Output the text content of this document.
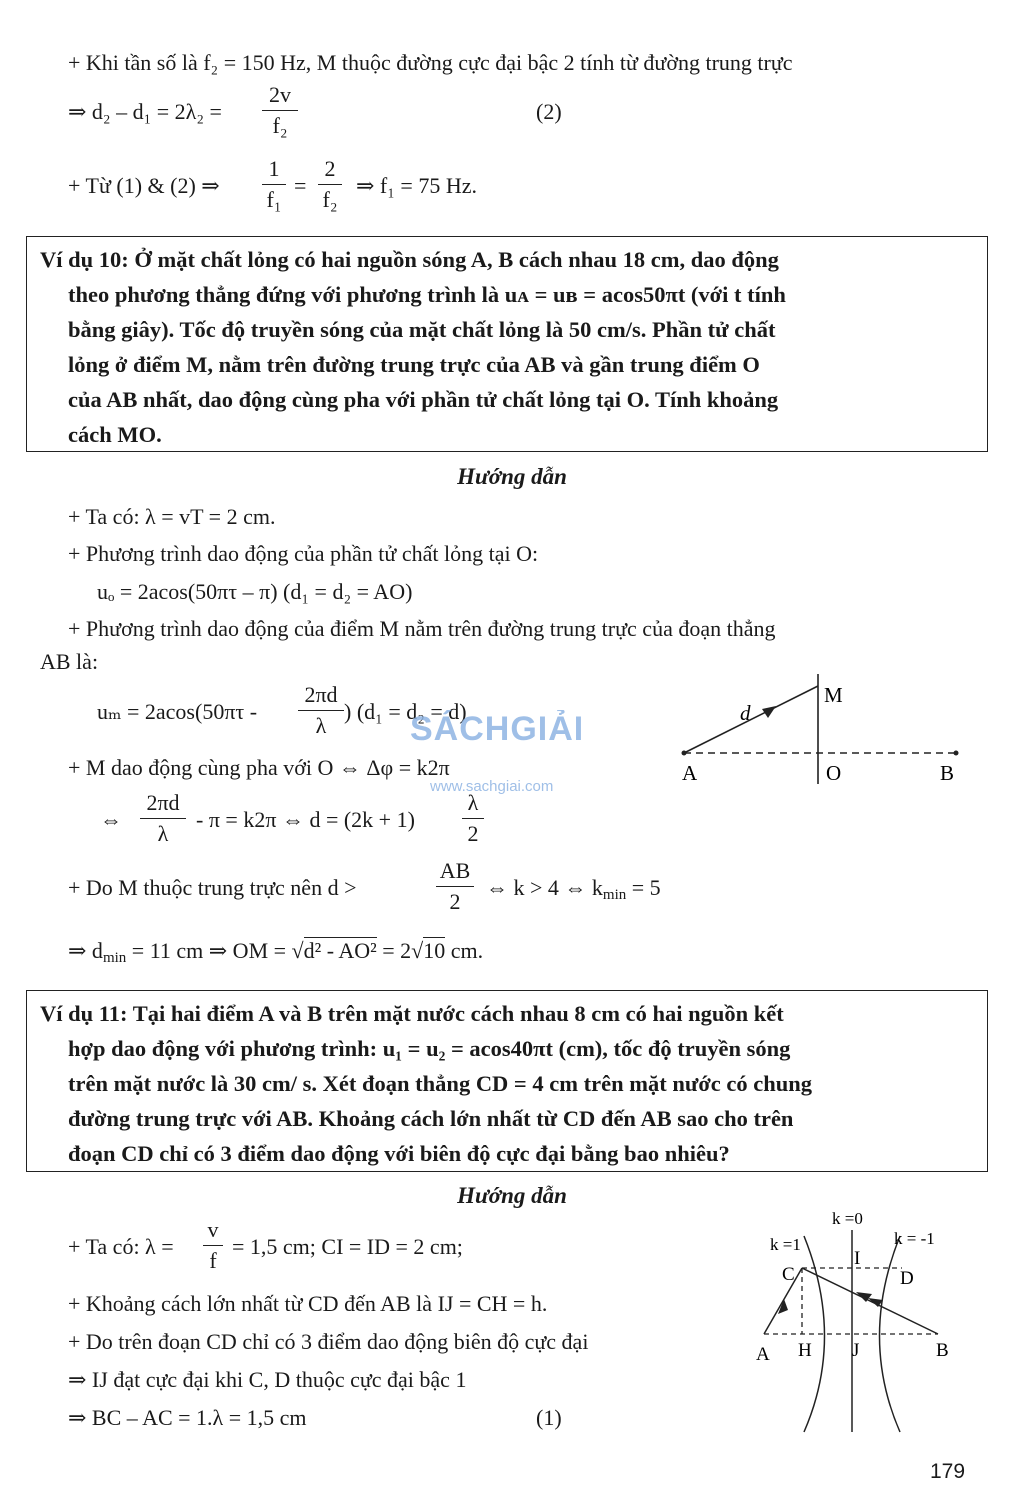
+ Khi tần số là f₂ = 150 Hz, M thuộc đường cực đại bậc 2 tính từ đường trung trực
⇒ d₂ – d₁ = 2λ₂ =
2v
f₂
(2)
+ Từ (1) & (2) ⇒
1
f₁
=
2
f₂
⇒ f₁ = 75 Hz.
Ví dụ 10: Ở mặt chất lỏng có hai nguồn sóng A, B cách nhau 18 cm, dao động
theo phương thẳng đứng với phương trình là uᴀ = uʙ = acos50πt (với t tính
bằng giây). Tốc độ truyền sóng của mặt chất lỏng là 50 cm/s. Phần tử chất
lỏng ở điểm M, nằm trên đường trung trực của AB và gần trung điểm O
của AB nhất, dao động cùng pha với phần tử chất lỏng tại O. Tính khoảng
cách MO.
Hướng dẫn
+ Ta có: λ = vT = 2 cm.
+ Phương trình dao động của phần tử chất lỏng tại O:
uₒ = 2acos(50πτ – π) (d₁ = d₂ = AO)
+ Phương trình dao động của điểm M nằm trên đường trung trực của đoạn thẳng
AB là:
uₘ = 2acos(50πτ -
2πd
λ
) (d₁ = d₂ = d)
+ M dao động cùng pha với O ⇔ Δφ = k2π
⇔
2πd
λ
- π = k2π ⇔ d = (2k + 1)
λ
2
+ Do M thuộc trung trực nên d >
AB
2
⇔ k > 4 ⇔ $k_{min} = 5$
⇒ $d_{min} = 11$ cm ⇒ OM = √d² - AO² = 2√10 cm.
A	O	B
M
d
SÁCHGIẢI
www.sachgiai.com
Ví dụ 11: Tại hai điểm A và B trên mặt nước cách nhau 8 cm có hai nguồn kết
hợp dao động với phương trình: u₁ = u₂ = acos40πt (cm), tốc độ truyền sóng
trên mặt nước là 30 cm/ s. Xét đoạn thẳng CD = 4 cm trên mặt nước có chung
đường trung trực với AB. Khoảng cách lớn nhất từ CD đến AB sao cho trên
đoạn CD chỉ có 3 điểm dao động với biên độ cực đại bằng bao nhiêu?
Hướng dẫn
+ Ta có: λ =
v
f
= 1,5 cm; CI = ID = 2 cm;
+ Khoảng cách lớn nhất từ CD đến AB là IJ = CH = h.
+ Do trên đoạn CD chỉ có 3 điểm dao động biên độ cực đại
⇒ IJ đạt cực đại khi C, D thuộc cực đại bậc 1
⇒ BC – AC = 1.λ = 1,5 cm	(1)
k =0
k =1	k = -1
C
I
D
A H J	B
179
